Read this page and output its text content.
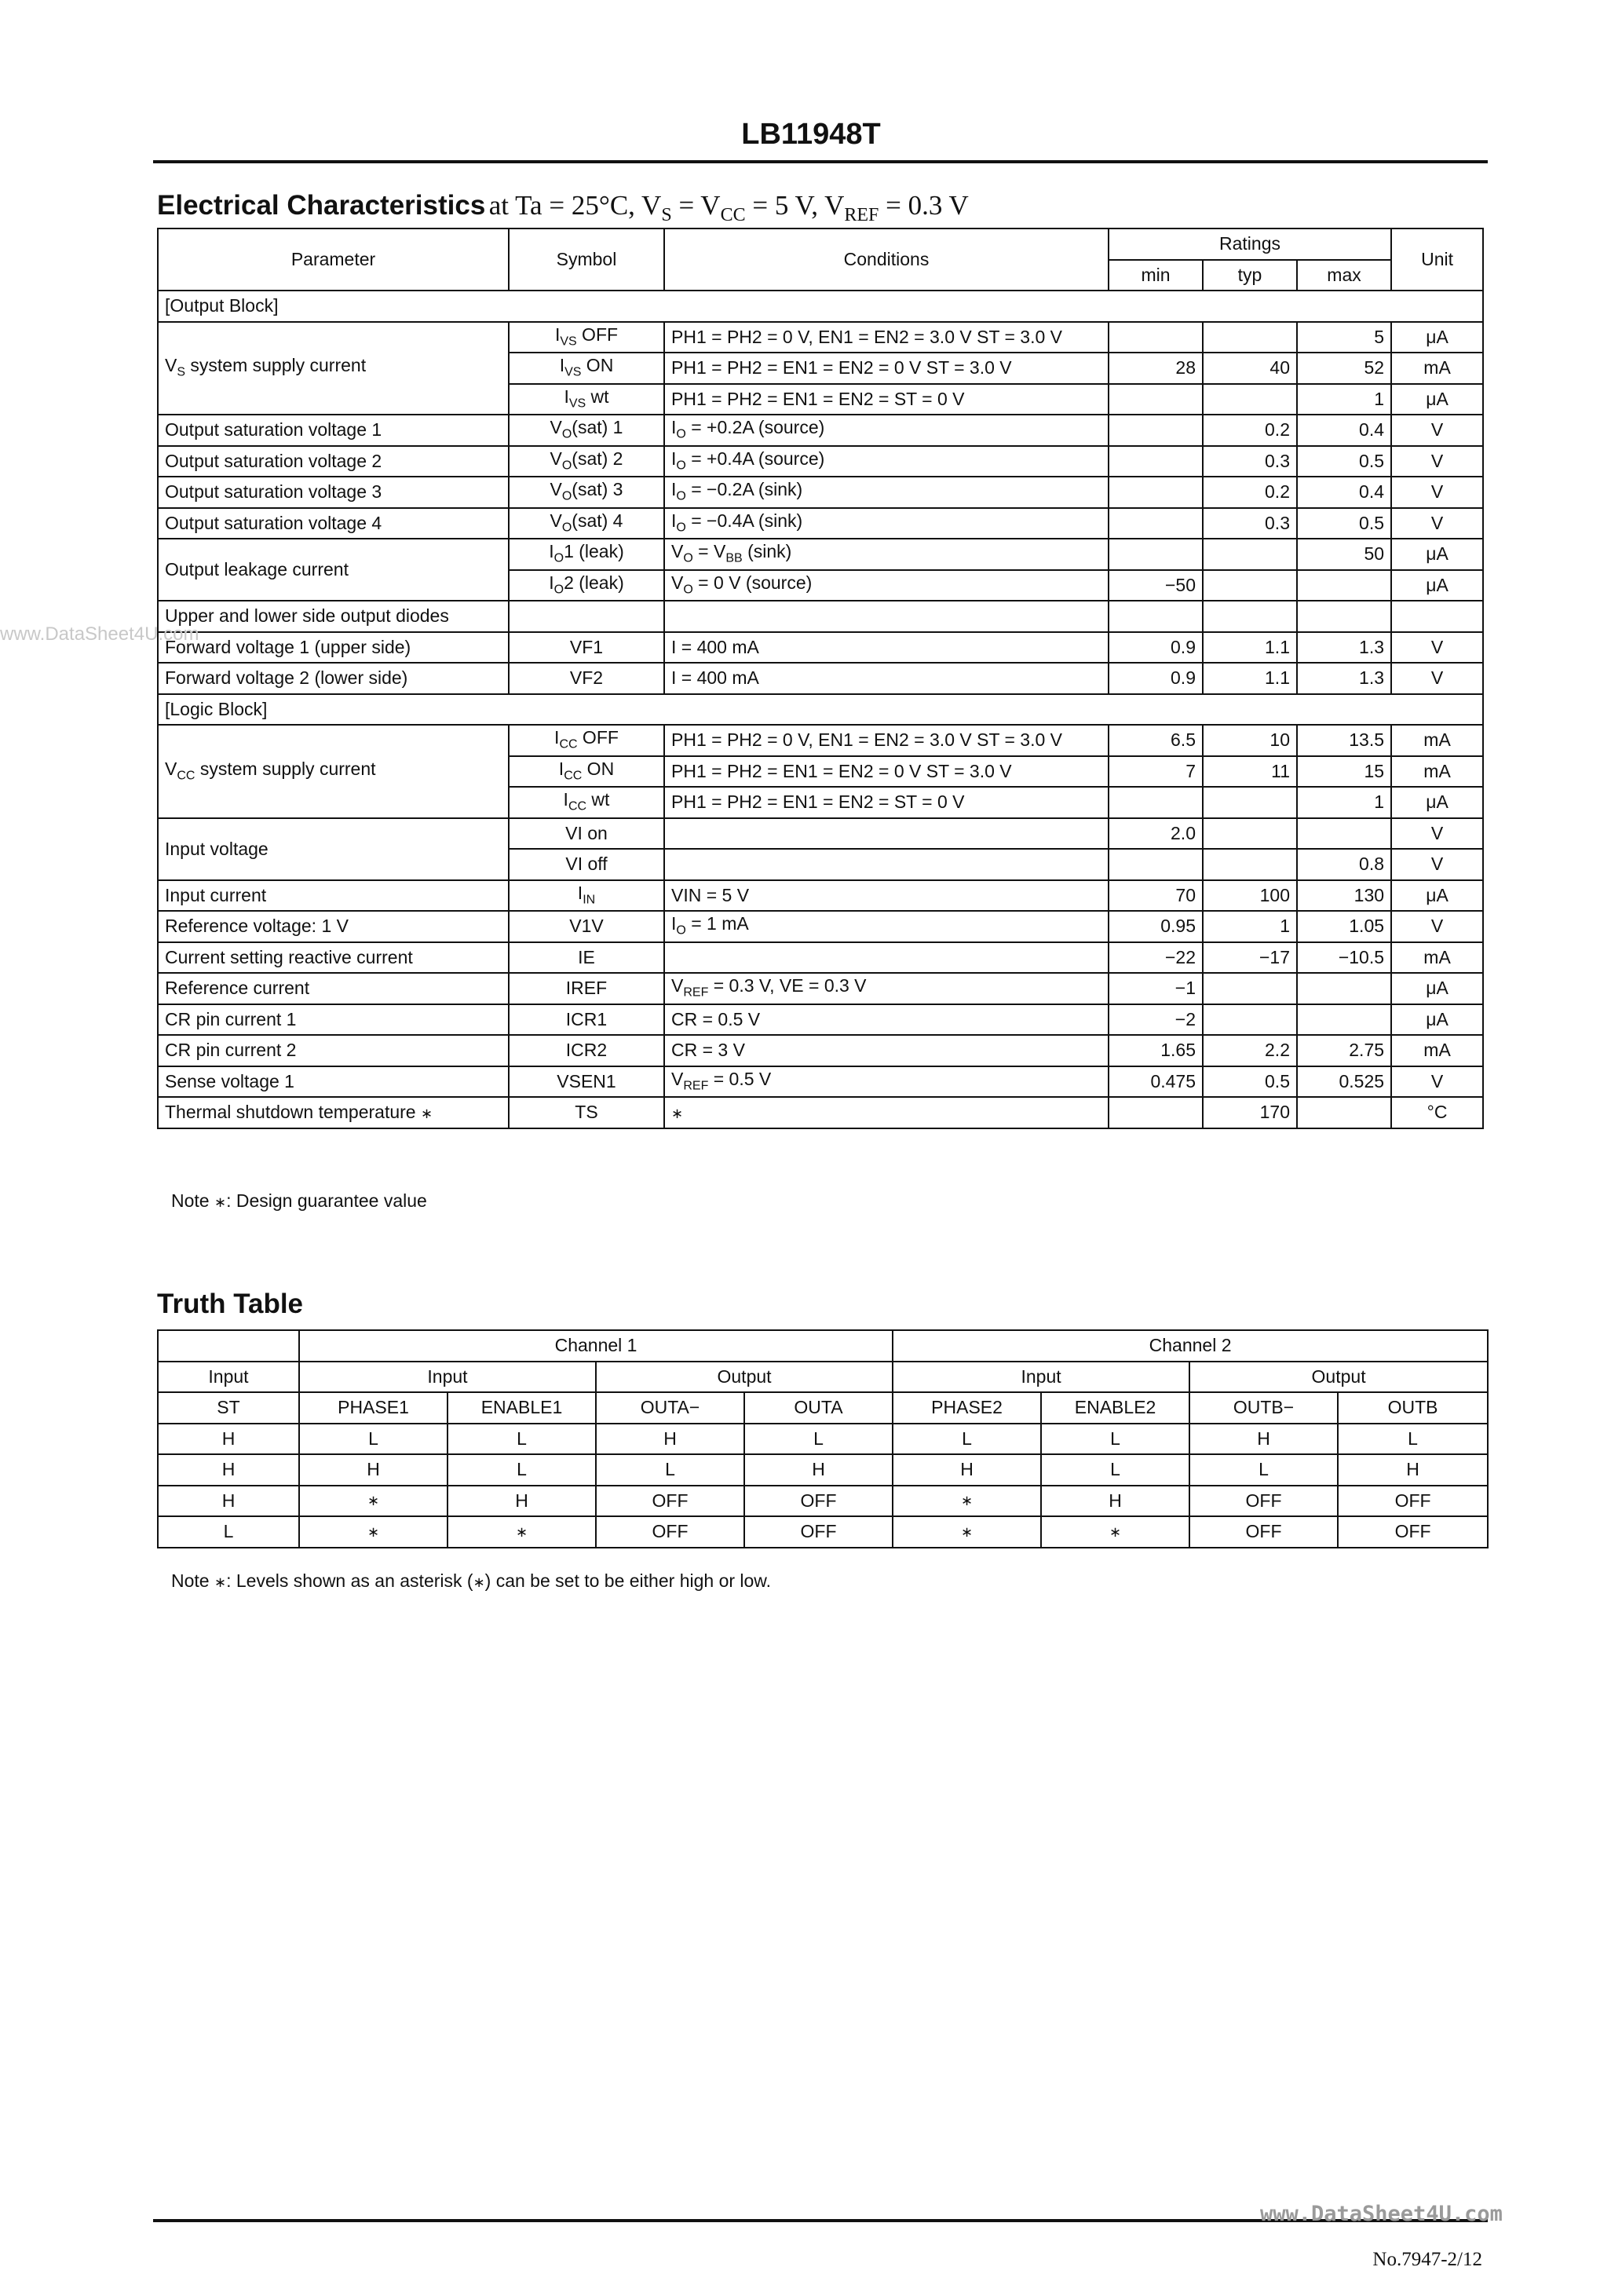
LB11948T
Electrical Characteristics at Ta = 25°C, $V_S = V_{CC} = 5$ V, $V_{REF} = 0.3$ V
Parameter	Symbol	Conditions	Ratings			Unit
			min	typ	max	
[Output Block]						
$V_S$ system supply current	$I_{VS}$ OFF	PH1 = PH2 = 0 V, EN1 = EN2 = 3.0 V ST = 3.0 V			5	μA
	$I_{VS}$ ON	PH1 = PH2 = EN1 = EN2 = 0 V ST = 3.0 V	28	40	52	mA
	$I_{VS}$ wt	PH1 = PH2 = EN1 = EN2 = ST = 0 V			1	μA
Output saturation voltage 1	$V_O(sat)$ 1	$I_O = +0.2A$ (source)		0.2	0.4	V
Output saturation voltage 2	$V_O(sat)$ 2	$I_O = +0.4A$ (source)		0.3	0.5	V
Output saturation voltage 3	$V_O(sat)$ 3	$I_O = -0.2A$ (sink)		0.2	0.4	V
Output saturation voltage 4	$V_O(sat)$ 4	$I_O = -0.4A$ (sink)		0.3	0.5	V
Output leakage current	$I_O1$ (leak)	$V_O = V_{BB}$ (sink)			50	μA
	$I_O2$ (leak)	$V_O = 0$ V (source)	−50			μA
Upper and lower side output diodes						
Forward voltage 1 (upper side)	VF1	I = 400 mA	0.9	1.1	1.3	V
Forward voltage 2 (lower side)	VF2	I = 400 mA	0.9	1.1	1.3	V
[Logic Block]						
$V_{CC}$ system supply current	$I_{CC}$ OFF	PH1 = PH2 = 0 V, EN1 = EN2 = 3.0 V ST = 3.0 V	6.5	10	13.5	mA
	$I_{CC}$ ON	PH1 = PH2 = EN1 = EN2 = 0 V ST = 3.0 V	7	11	15	mA
	$I_{CC}$ wt	PH1 = PH2 = EN1 = EN2 = ST = 0 V			1	μA
Input voltage	VI on		2.0			V
	VI off				0.8	V
Input current	$I_{IN}$	VIN = 5 V	70	100	130	μA
Reference voltage: 1 V	V1V	$I_O = 1$ mA	0.95	1	1.05	V
Current setting reactive current	IE		−22	−17	−10.5	mA
Reference current	IREF	$V_{REF} = 0.3$ V, VE = 0.3 V	−1			μA
CR pin current 1	ICR1	CR = 0.5 V	−2			μA
CR pin current 2	ICR2	CR = 3 V	1.65	2.2	2.75	mA
Sense voltage 1	VSEN1	$V_{REF} = 0.5$ V	0.475	0.5	0.525	V
Thermal shutdown temperature ∗	TS	∗		170		°C
Note ∗: Design guarantee value
www.DataSheet4U.com
Truth Table
	Channel 1				Channel 2			
Input	Input		Output		Input		Output	
ST	PHASE1	ENABLE1	OUTA−	OUTA	PHASE2	ENABLE2	OUTB−	OUTB
H	L	L	H	L	L	L	H	L
H	H	L	L	H	H	L	L	H
H	∗	H	OFF	OFF	∗	H	OFF	OFF
L	∗	∗	OFF	OFF	∗	∗	OFF	OFF
Note ∗: Levels shown as an asterisk (∗) can be set to be either high or low.
www.DataSheet4U.com
No.7947-2/12
